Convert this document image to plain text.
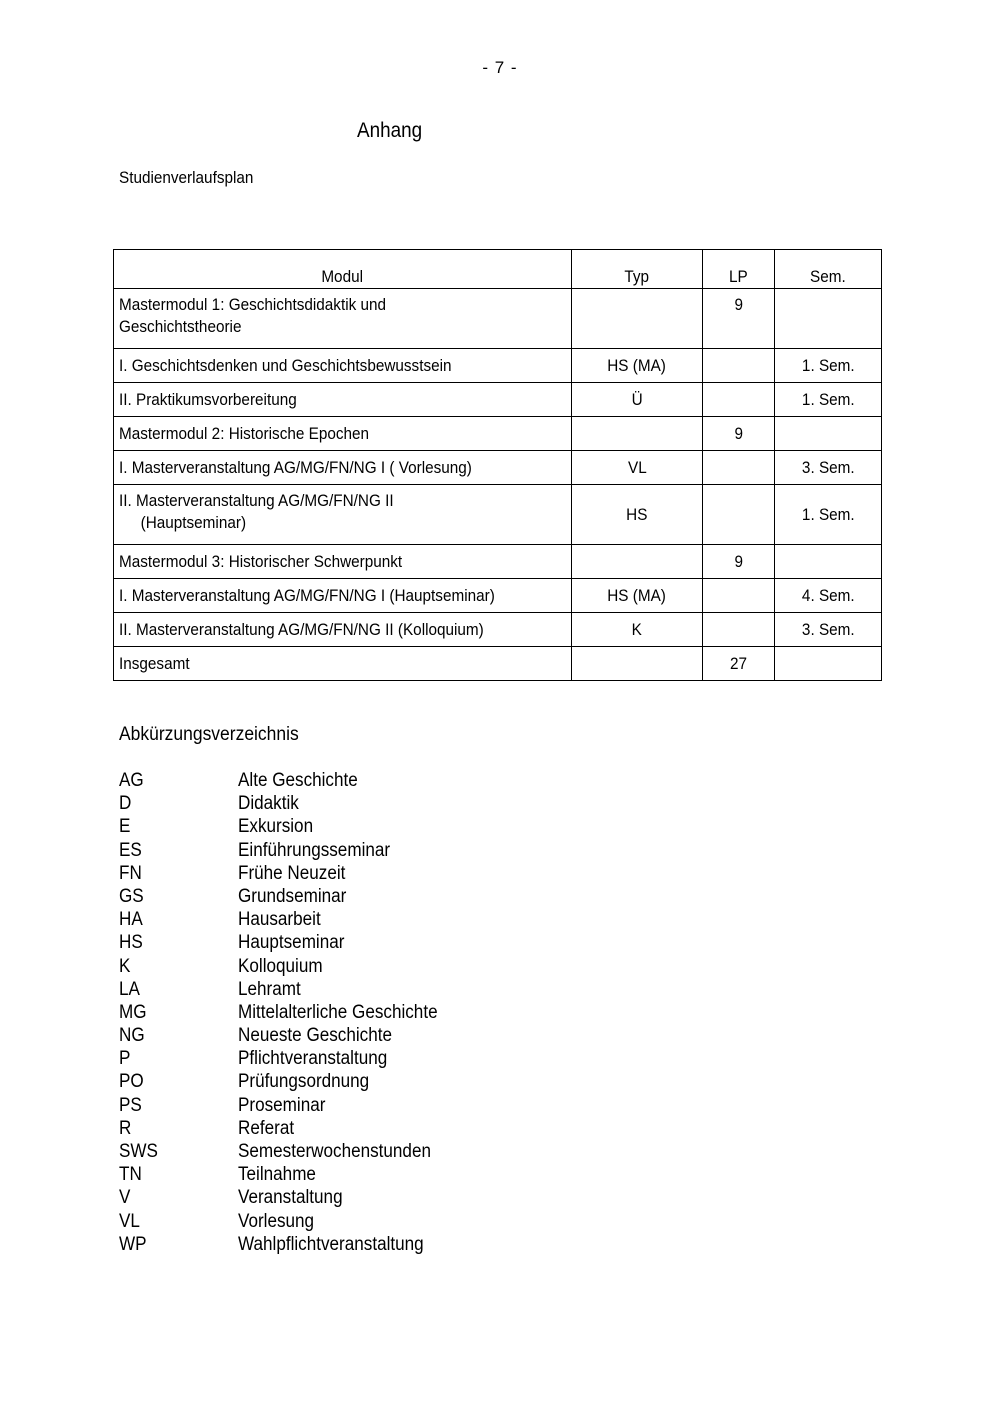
- 7 -
Anhang
Studienverlaufsplan
Modul	Typ	LP	Sem.
Mastermodul 1: Geschichtsdidaktik und
Geschichtstheorie		9	
I. Geschichtsdenken und Geschichtsbewusstsein	HS (MA)		1. Sem.
II. Praktikumsvorbereitung	Ü		1. Sem.
Mastermodul 2: Historische Epochen		9	
I. Masterveranstaltung AG/MG/FN/NG I ( Vorlesung)	VL		3. Sem.
II. Masterveranstaltung AG/MG/FN/NG II
(Hauptseminar)	HS		1. Sem.
Mastermodul 3: Historischer Schwerpunkt		9	
I. Masterveranstaltung AG/MG/FN/NG I (Hauptseminar)	HS (MA)		4. Sem.
II. Masterveranstaltung AG/MG/FN/NG II (Kolloquium)	K		3. Sem.
Insgesamt		27	
Abkürzungsverzeichnis
AG	Alte Geschichte
D	Didaktik
E	Exkursion
ES	Einführungsseminar
FN	Frühe Neuzeit
GS	Grundseminar
HA	Hausarbeit
HS	Hauptseminar
K	Kolloquium
LA	Lehramt
MG	Mittelalterliche Geschichte
NG	Neueste Geschichte
P	Pflichtveranstaltung
PO	Prüfungsordnung
PS	Proseminar
R	Referat
SWS	Semesterwochenstunden
TN	Teilnahme
V	Veranstaltung
VL	Vorlesung
WP	Wahlpflichtveranstaltung
